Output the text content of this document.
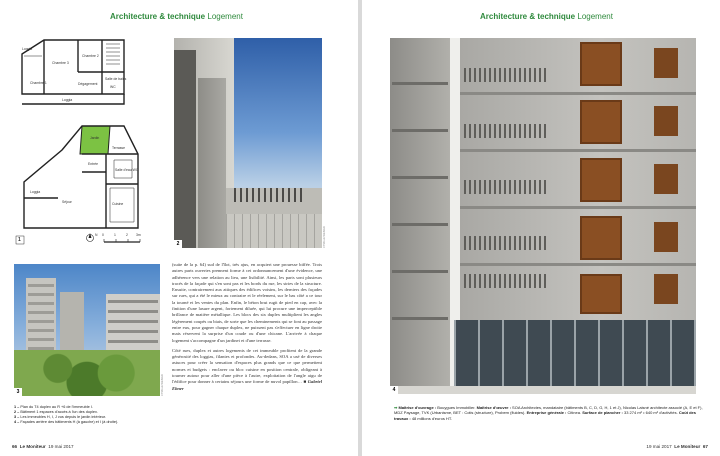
Architecture & technique Logement
Loggia
Chambre 2
Chambre 3
Chambre 1	Dégagement
Salle de bains
WC
Loggia
Jardin
Terrasse
Entrée
Salle d'eau WC
Loggia
Séjour	Cuisine
1
N 0	1	2 3m
2	CYRILLE WEINER
3	CYRILLE WEINER

(suite de la p. 64) sud de l'îlot, très ajus, en acquiert une prouesse biffée. Trois autres parts ouvertes prennent forme à cet ordonnancement d'une évidence, une adhérence vers une relation au lieu, une lisibilité. Ainsi, les parts sont plusieurs tracés de la façade qui s'en sont pas et les bords du rue, les stries de la structure. Ensuite, contrairement aux attiques des édifices voisins, les derniers des façades sur rues, qui a été le mieux au contraire et le réelement, sur le bas côté a ce tour la tourné et les ventes du plan. Enfin, le béton brut rugit de pied en cap, avec la finition d'une lasure argent, fortement diluée, qui lui procure une imperceptible brillance de matière métallique. Les blocs des six duplex multiplient les angles légèrement coupés ou biais, de sorte que les cheminements qui se font au passage entre eux, pour gagner chaque duplex, ne puissent pas s'effectuer en ligne droite mais réservent la surprise d'un coude ou d'une chicane. L'arrivée à chaque logement s'accompagne d'un jardinet et d'une terrasse.

Côté rues, duplex et autres logements de cet immeuble profitent de la grande générosité des loggias, filantes et profondes. Au-dedans, SOA a usé de diverses astuces pour créer la sensation d'espaces plus grands que ce que permettent normes et budgets : enclaver ou bloc cuisine en position centrale, obligeant à tourner autour pour aller d'une pièce à l'autre, exploitation de l'angle aigu de l'édifice pour donner à certains séjours une forme de nuvol papillon… ■ Gabriel Ebner

1 – Plan du T4 duplex au R +6 de l'immeuble I.
2 – Bâtiment 1 espaces d'accès à l'un des duplex.
3 – Les immeubles H, I, J vus depuis le jardin intérieur.
4 – Façades arrière des bâtiments H (à gauche) et I (à droite).
66 Le Moniteur 19 mai 2017
Architecture & technique Logement
4
➡ Maîtrise d'ouvrage : Bouygues Immobilier. Maîtrise d'œuvre : SOA Architectes, mandataire (bâtiments B, C, D, G, H, 1 et J), Nicolas Laisné architecte associé (A, E et F), MDZ Paysage, TVK (Urbanisme, BET : Cotis (structure), Probem (fluides). Entreprise générale : Citinea. Surface de plancher : 33 274 m² • 640 m² d'activités. Coût des travaux : 48 millions d'euros HT.
19 mai 2017 Le Moniteur 67
